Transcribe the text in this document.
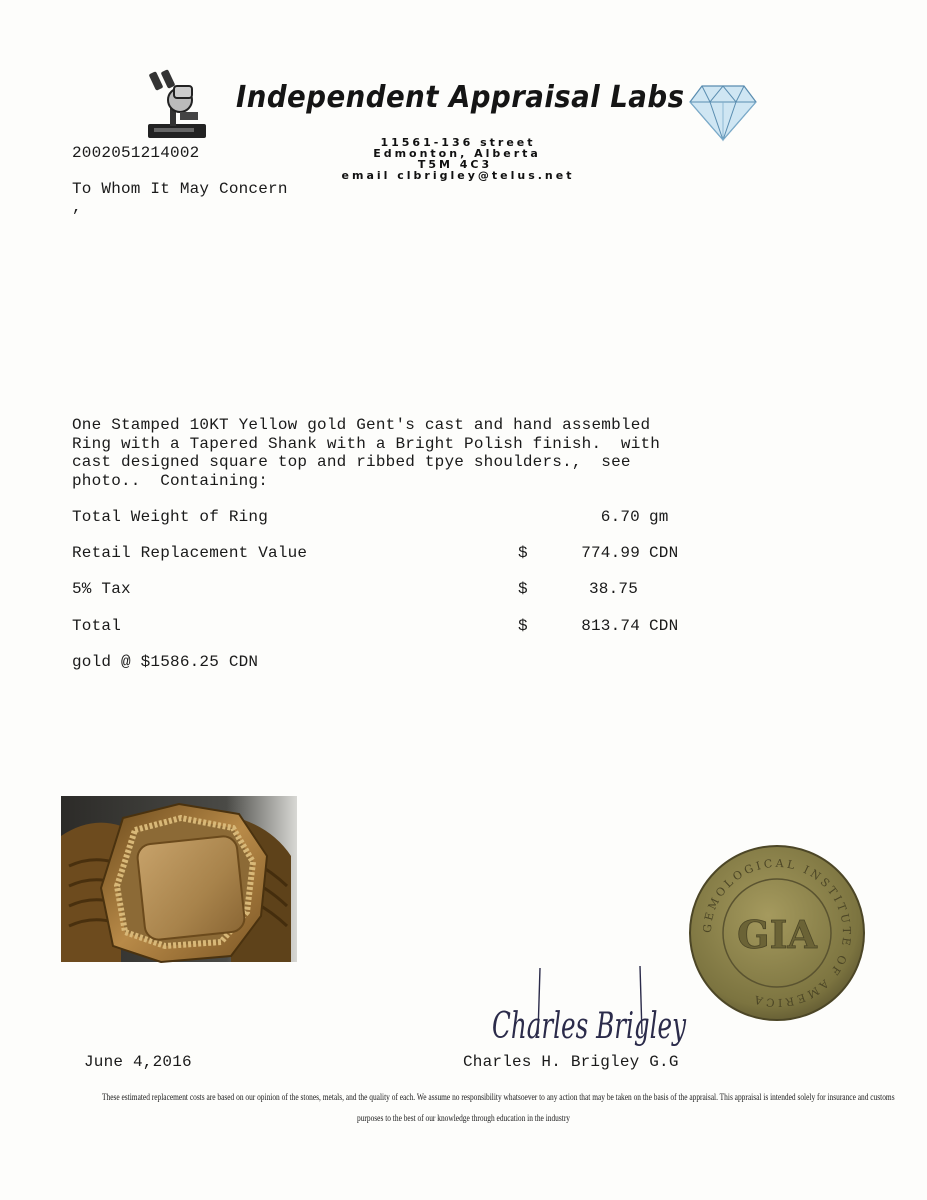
Independent Appraisal Labs
11561-136 street
Edmonton, Alberta
T5M 4C3
email clbrigley@telus.net
2002051214002
To Whom It May Concern
,
One Stamped 10KT Yellow gold Gent's cast and hand assembled
Ring with a Tapered Shank with a Bright Polish finish.  with
cast designed square top and ribbed tpye shoulders.,  see
photo..  Containing:
Total Weight of Ring	6.70 gm
Retail Replacement Value	$	774.99 CDN
5% Tax	$	38.75
Total	$	813.74 CDN
gold @ $1586.25 CDN
GEMOLOGICAL INSTITUTE OF AMERICA
GIA
Charles Brigley
June 4,2016	Charles H. Brigley G.G
These estimated replacement costs are based on our opinion of the stones, metals, and the quality of each. We assume no responsibility whatsoever to any action that may be taken on the basis of the appraisal. This appraisal is intended solely for insurance and customs
purposes to the best of our knowledge through education in the industry
